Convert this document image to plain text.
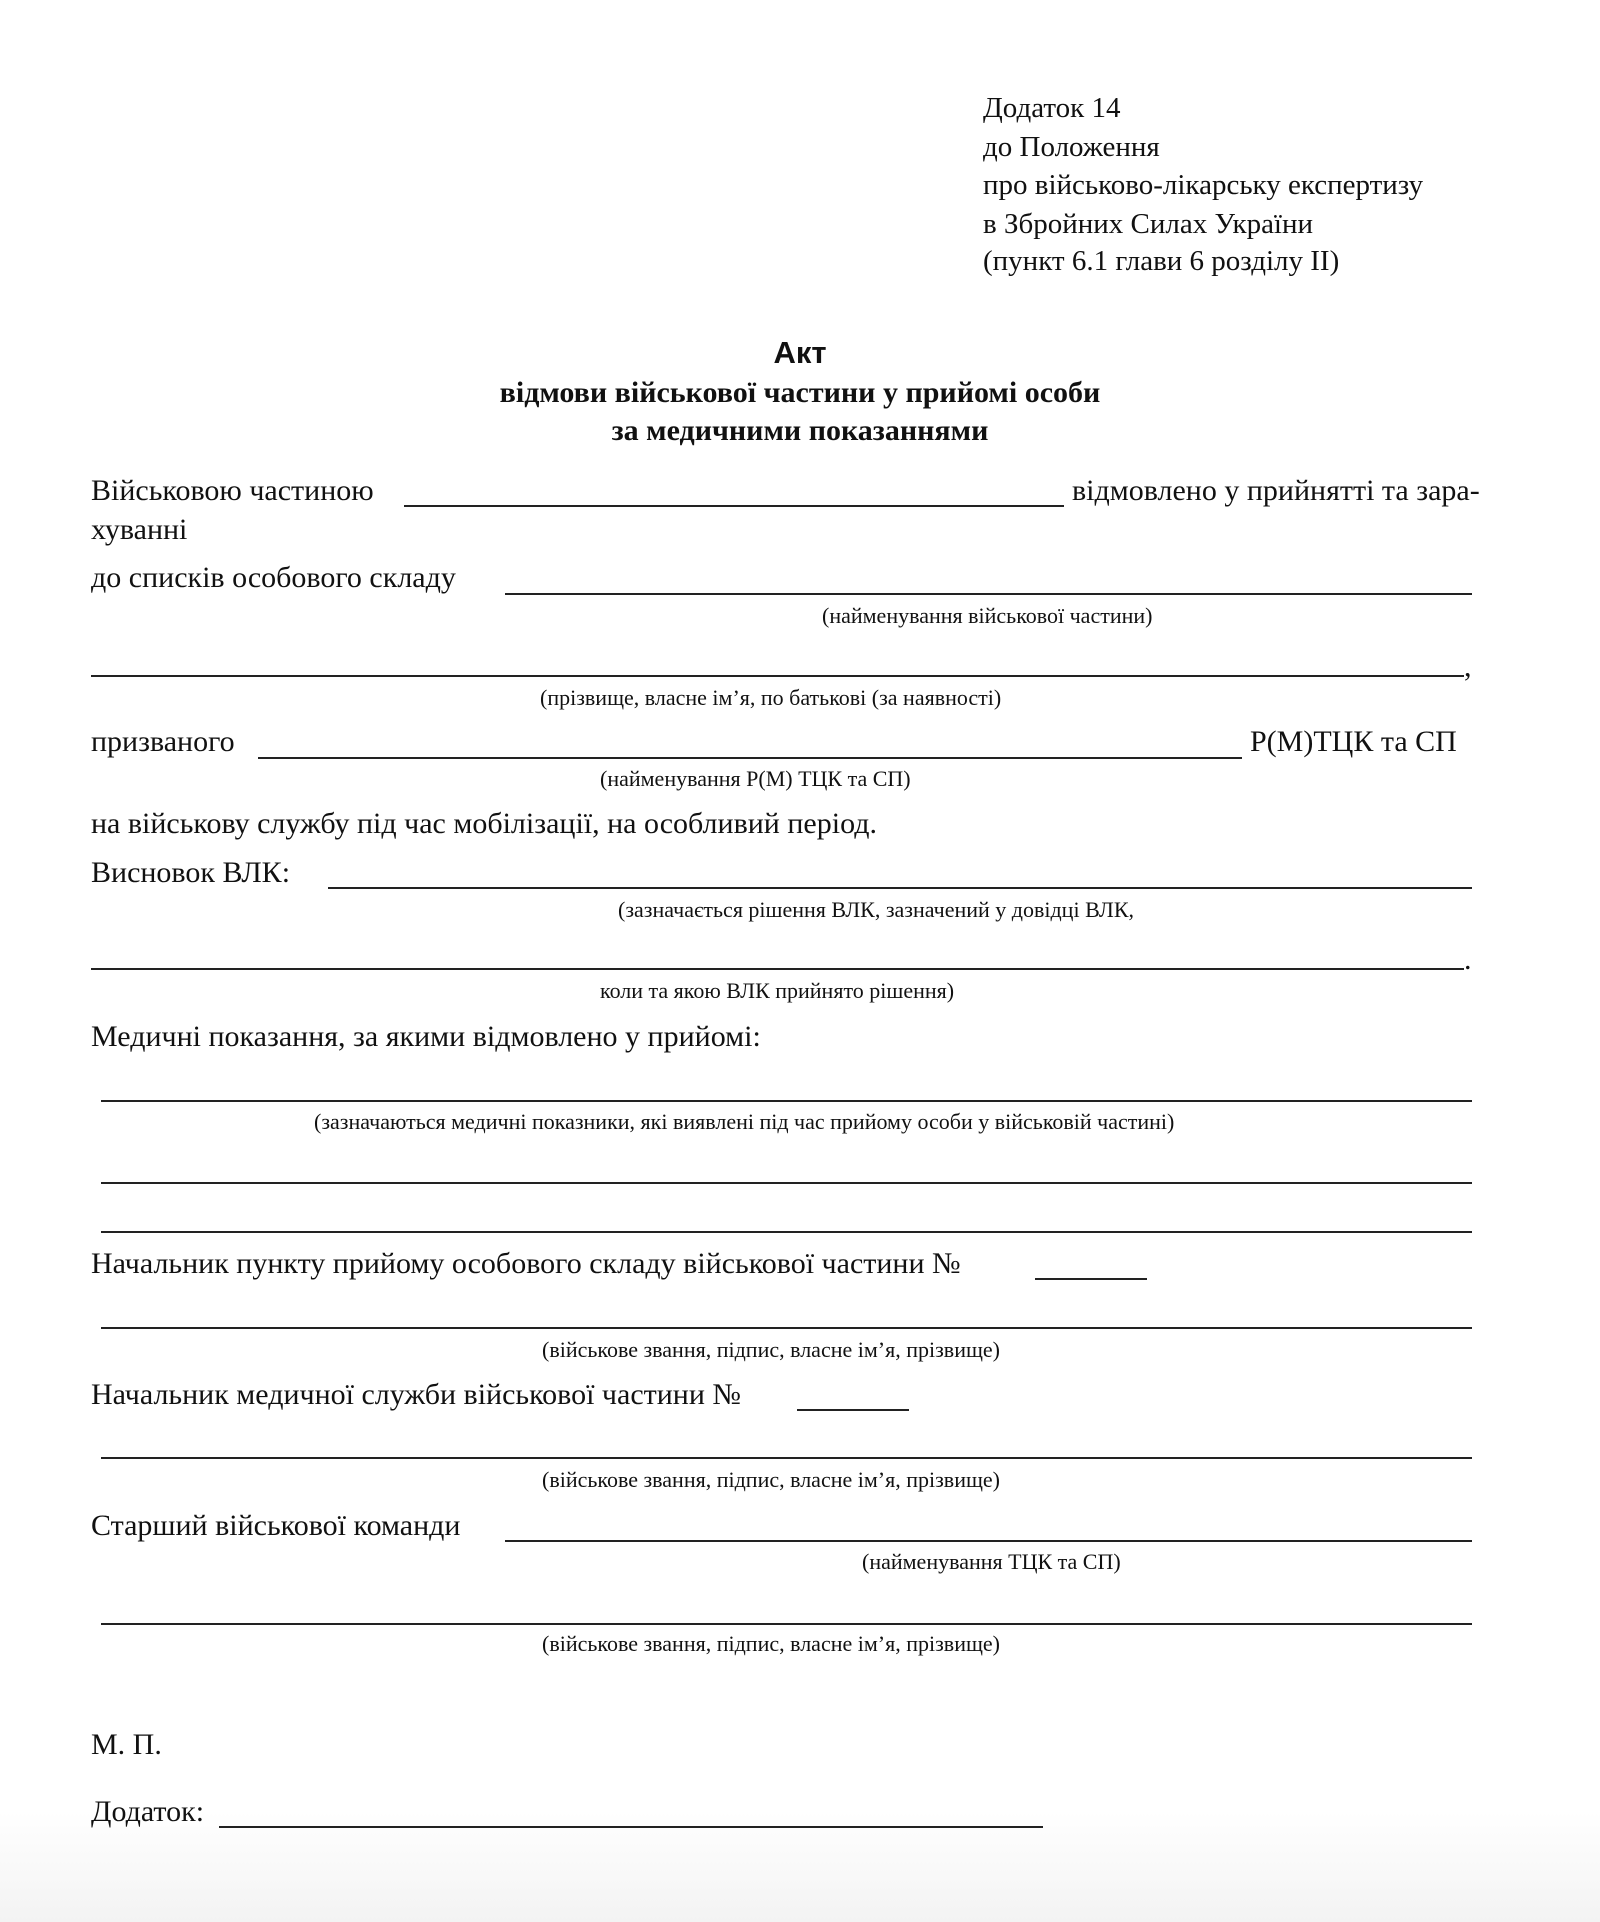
Додаток 14
до Положення
про військово-лікарську експертизу
в Збройних Силах України
(пункт 6.1 глави 6 розділу ІІ)
Акт
відмови військової частини у прийомі особи
за медичними показаннями
Військовою частиною	відмовлено у прийнятті та зара-
хуванні
до списків особового складу
(найменування військової частини)
,
(прізвище, власне ім’я, по батькові (за наявності)
призваного	Р(М)ТЦК та СП
(найменування Р(М) ТЦК та СП)
на військову службу під час мобілізації, на особливий період.
Висновок ВЛК:
(зазначається рішення ВЛК, зазначений у довідці ВЛК,
.
коли та якою ВЛК прийнято рішення)
Медичні показання, за якими відмовлено у прийомі:
(зазначаються медичні показники, які виявлені під час прийому особи у військовій частині)
Начальник пункту прийому особового складу військової частини №
(військове звання, підпис, власне ім’я, прізвище)
Начальник медичної служби військової частини №
(військове звання, підпис, власне ім’я, прізвище)
Старший військової команди
(найменування ТЦК та СП)
(військове звання, підпис, власне ім’я, прізвище)
М. П.
Додаток:
